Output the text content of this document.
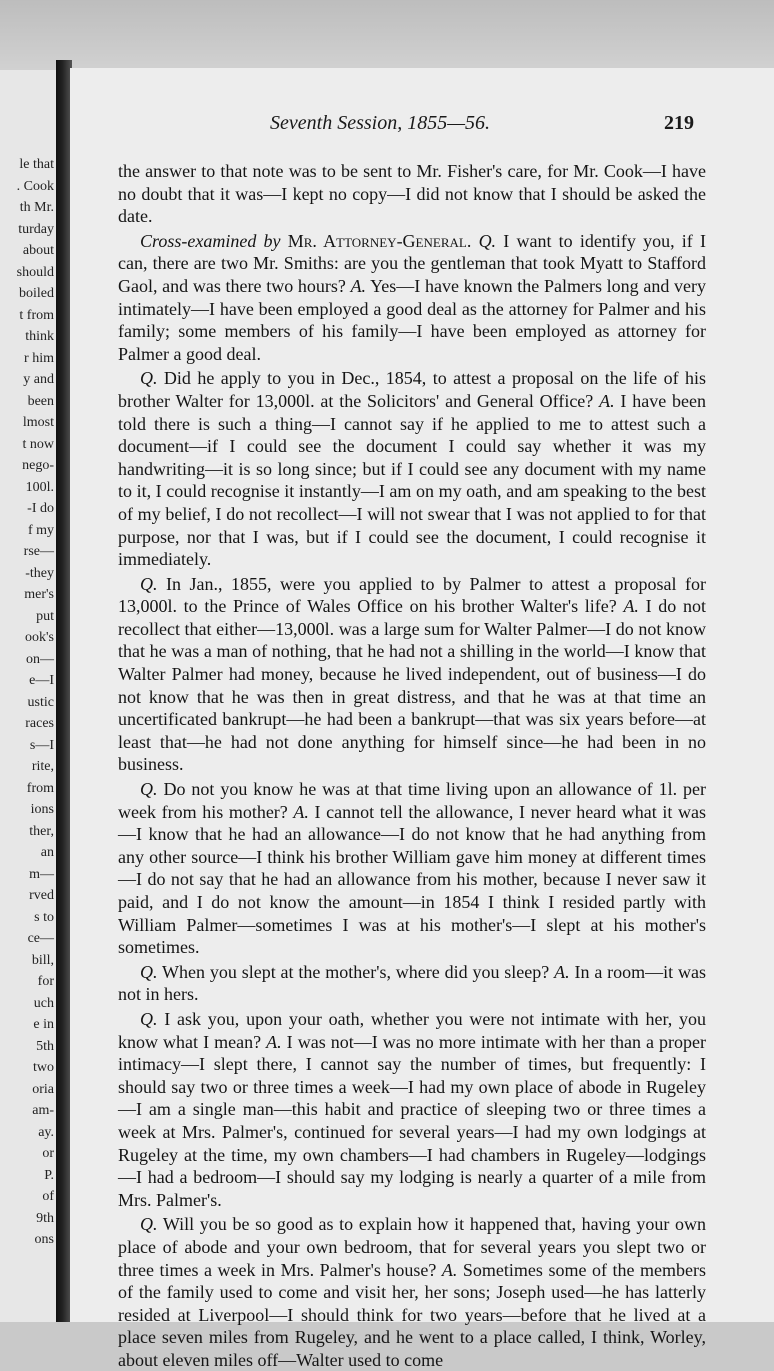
le that
. Cook
th Mr.
turday
about
should
boiled
t from
think
r him
y and
been
lmost
t now
nego-
100l.
-I do
f my
rse—
-they
mer's
put
ook's
on—
e—I
ustic
races
s—I
rite,
from
ions
ther,
an
m—
rved
s to
ce—
bill,
for
uch
e in
5th
two
oria
am-
ay.
or
P.
of
9th
ons
Seventh Session, 1855—56.	219

the answer to that note was to be sent to Mr. Fisher's care, for Mr. Cook—I have no doubt that it was—I kept no copy—I did not know that I should be asked the date.

Cross-examined by Mr. Attorney-General. Q. I want to identify you, if I can, there are two Mr. Smiths: are you the gentleman that took Myatt to Stafford Gaol, and was there two hours? A. Yes—I have known the Palmers long and very intimately—I have been employed a good deal as the attorney for Palmer and his family; some members of his family—I have been employed as attorney for Palmer a good deal.

Q. Did he apply to you in Dec., 1854, to attest a proposal on the life of his brother Walter for 13,000l. at the Solicitors' and General Office? A. I have been told there is such a thing—I cannot say if he applied to me to attest such a document—if I could see the document I could say whether it was my handwriting—it is so long since; but if I could see any document with my name to it, I could recognise it instantly—I am on my oath, and am speaking to the best of my belief, I do not recollect—I will not swear that I was not applied to for that purpose, nor that I was, but if I could see the document, I could recognise it immediately.

Q. In Jan., 1855, were you applied to by Palmer to attest a proposal for 13,000l. to the Prince of Wales Office on his brother Walter's life? A. I do not recollect that either—13,000l. was a large sum for Walter Palmer—I do not know that he was a man of nothing, that he had not a shilling in the world—I know that Walter Palmer had money, because he lived independent, out of business—I do not know that he was then in great distress, and that he was at that time an uncertificated bankrupt—he had been a bankrupt—that was six years before—at least that—he had not done anything for himself since—he had been in no business.

Q. Do not you know he was at that time living upon an allowance of 1l. per week from his mother? A. I cannot tell the allowance, I never heard what it was—I know that he had an allowance—I do not know that he had anything from any other source—I think his brother William gave him money at different times—I do not say that he had an allowance from his mother, because I never saw it paid, and I do not know the amount—in 1854 I think I resided partly with William Palmer—sometimes I was at his mother's—I slept at his mother's sometimes.

Q. When you slept at the mother's, where did you sleep? A. In a room—it was not in hers.

Q. I ask you, upon your oath, whether you were not intimate with her, you know what I mean? A. I was not—I was no more intimate with her than a proper intimacy—I slept there, I cannot say the number of times, but frequently: I should say two or three times a week—I had my own place of abode in Rugeley—I am a single man—this habit and practice of sleeping two or three times a week at Mrs. Palmer's, continued for several years—I had my own lodgings at Rugeley at the time, my own chambers—I had chambers in Rugeley—lodgings—I had a bedroom—I should say my lodging is nearly a quarter of a mile from Mrs. Palmer's.

Q. Will you be so good as to explain how it happened that, having your own place of abode and your own bedroom, that for several years you slept two or three times a week in Mrs. Palmer's house? A. Sometimes some of the members of the family used to come and visit her, her sons; Joseph used—he has latterly resided at Liverpool—I should think for two years—before that he lived at a place seven miles from Rugeley, and he went to a place called, I think, Worley, about eleven miles off—Walter used to come
